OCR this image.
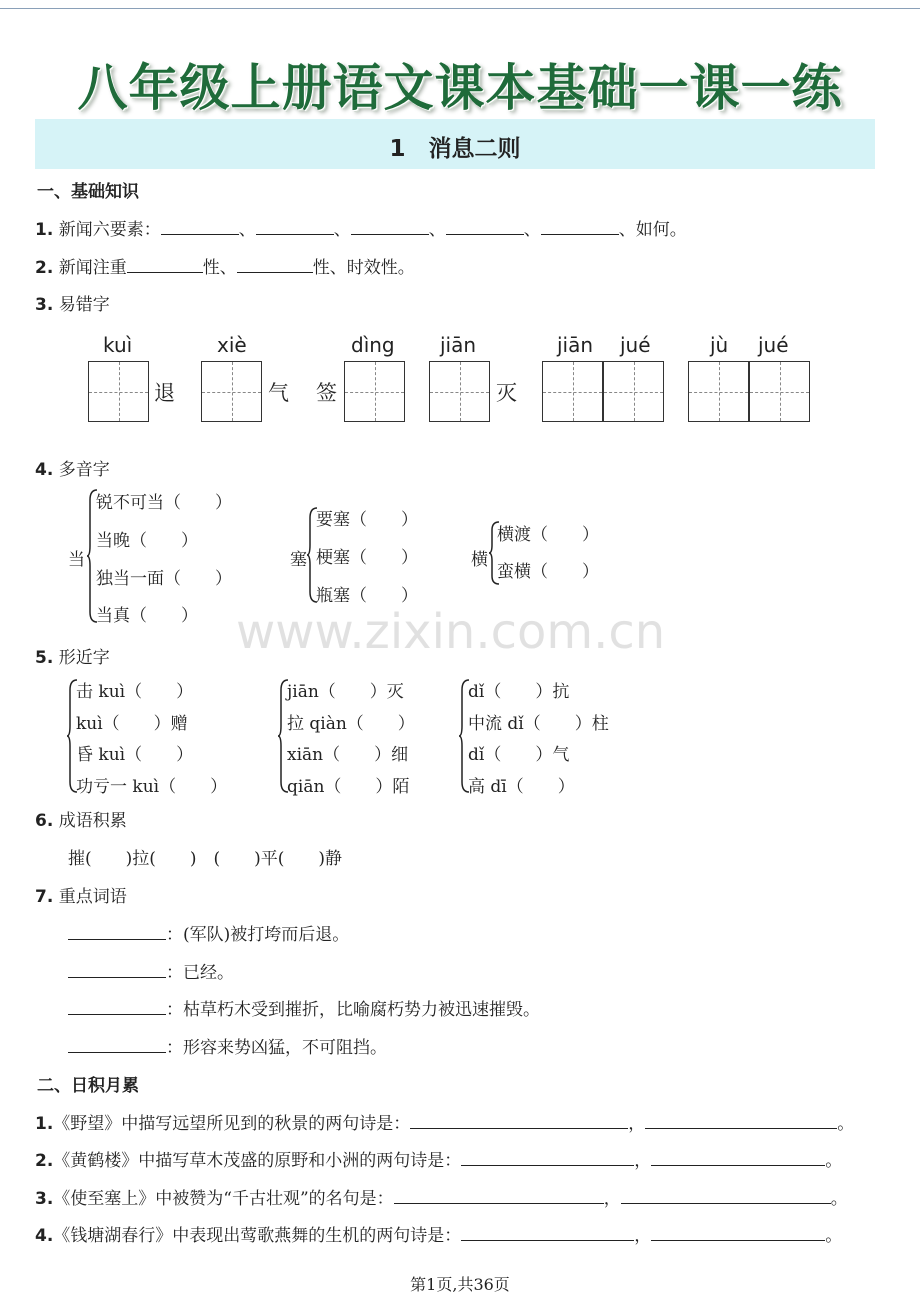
八年级上册语文课本基础一课一练
1　消息二则
一、基础知识
1. 新闻六要素：	、	、	、	、	、如何。
2. 新闻注重	性、	性、时效性。
3. 易错字
kuì	xiè	dìng jiān	jiān jué	jù jué
退	气 签	灭
4. 多音字
当
锐不可当（　　）
当晚（　　）
独当一面（　　）
当真（　　）
塞
要塞（　　）
梗塞（　　）
瓶塞（　　）
横
横渡（　　）
蛮横（　　）
www.zixin.com.cn
5. 形近字
击 kuì（　　）
kuì（　　）赠
昏 kuì（　　）
功亏一 kuì（　　）
jiān（　　）灭
拉 qiàn（　　）
xiān（　　）细
qiān（　　）陌
dǐ（　　）抗
中流 dǐ（　　）柱
dǐ（　　）气
高 dī（　　）
6. 成语积累
摧(　　)拉(　　)　(　　)平(　　)静
7. 重点词语
：(军队)被打垮而后退。
：已经。
：枯草朽木受到摧折，比喻腐朽势力被迅速摧毁。
：形容来势凶猛，不可阻挡。
二、日积月累
1.《野望》中描写远望所见到的秋景的两句诗是：	，	。
2.《黄鹤楼》中描写草木茂盛的原野和小洲的两句诗是：	，	。
3.《使至塞上》中被赞为“千古壮观”的名句是：	，	。
4.《钱塘湖春行》中表现出莺歌燕舞的生机的两句诗是：	，	。
第1页,共36页
